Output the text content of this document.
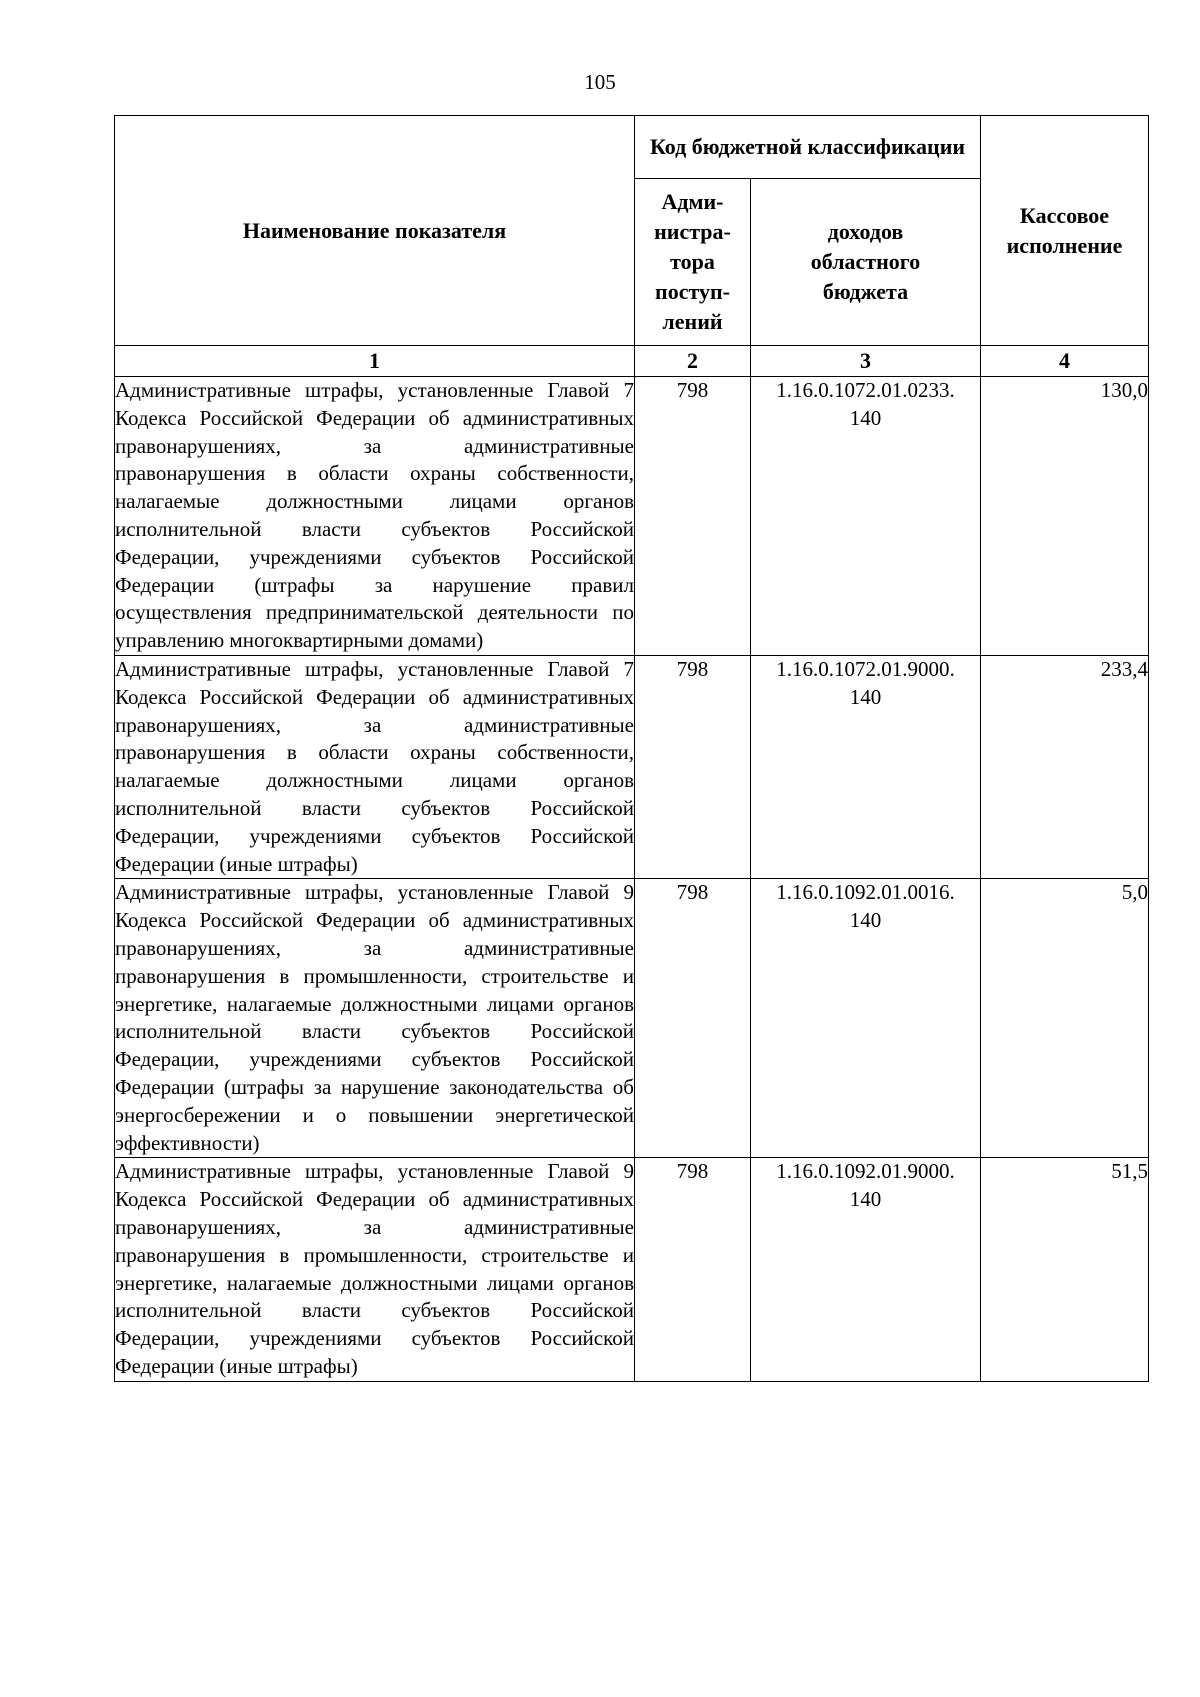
105
Наименование показателя	Код бюджетной классификации		Кассовое
исполнение

	Адми-
нистра-
тора
поступ-
лений	доходов
областного
бюджета	

1	2	3	4
Административные штрафы, установленные Главой 7 Кодекса Российской Федерации об административных правонарушениях, за административные правонарушения в области охраны собственности, налагаемые должностными лицами органов исполнительной власти субъектов Российской Федерации, учреждениями субъектов Российской Федерации (штрафы за нарушение правил осуществления предпринимательской деятельности по управлению многоквартирными домами)	798	1.16.0.1072.01.0233.
140	130,0
Административные штрафы, установленные Главой 7 Кодекса Российской Федерации об административных правонарушениях, за административные правонарушения в области охраны собственности, налагаемые должностными лицами органов исполнительной власти субъектов Российской Федерации, учреждениями субъектов Российской Федерации (иные штрафы)	798	1.16.0.1072.01.9000.
140	233,4
Административные штрафы, установленные Главой 9 Кодекса Российской Федерации об административных правонарушениях, за административные правонарушения в промышленности, строительстве и энергетике, налагаемые должностными лицами органов исполнительной власти субъектов Российской Федерации, учреждениями субъектов Российской Федерации (штрафы за нарушение законодательства об энергосбережении и о повышении энергетической эффективности)	798	1.16.0.1092.01.0016.
140	5,0
Административные штрафы, установленные Главой 9 Кодекса Российской Федерации об административных правонарушениях, за административные правонарушения в промышленности, строительстве и энергетике, налагаемые должностными лицами органов исполнительной власти субъектов Российской Федерации, учреждениями субъектов Российской Федерации (иные штрафы)	798	1.16.0.1092.01.9000.
140	51,5
